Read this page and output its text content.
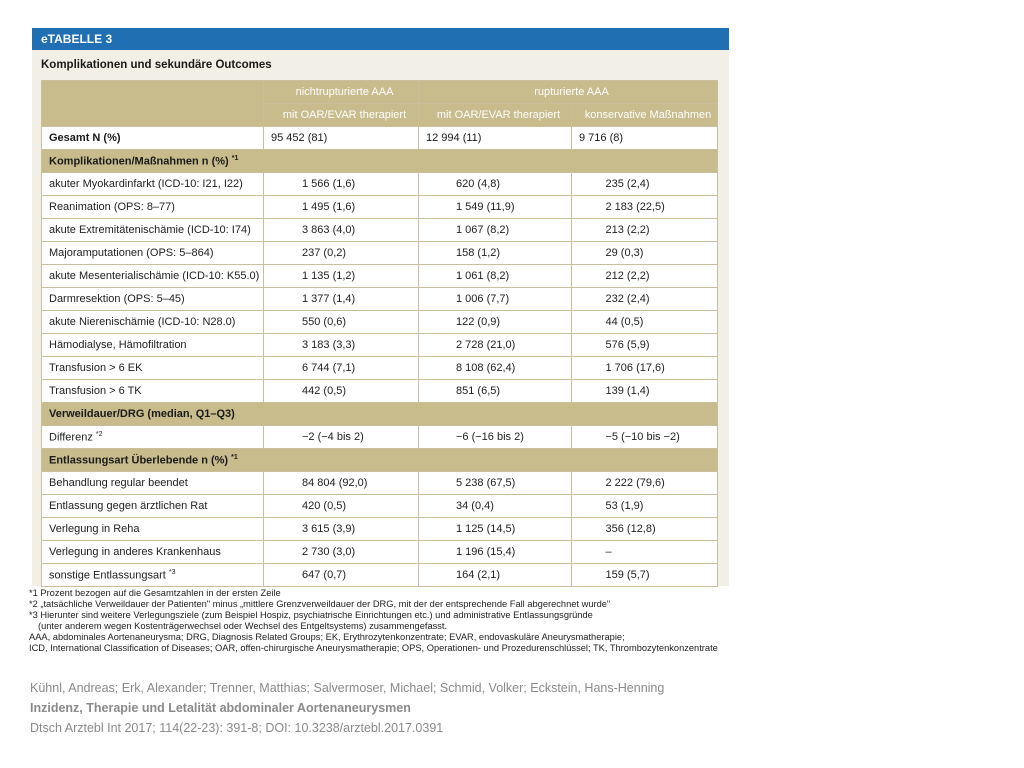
eTABELLE 3
Komplikationen und sekundäre Outcomes
	nichtrupturierte AAA	rupturierte AAA	
	mit OAR/EVAR therapiert	mit OAR/EVAR therapiert	konservative Maßnahmen
Gesamt N (%)	95 452 (81)	12 994 (11)	9 716 (8)
Komplikationen/Maßnahmen n (%) $^{*1}$
akuter Myokardinfarkt (ICD-10: I21, I22)	1 566 (1,6)	620 (4,8)	235 (2,4)
Reanimation (OPS: 8–77)	1 495 (1,6)	1 549 (11,9)	2 183 (22,5)
akute Extremitätenischämie (ICD-10: I74)	3 863 (4,0)	1 067 (8,2)	213 (2,2)
Majoramputationen (OPS: 5–864)	237 (0,2)	158 (1,2)	29 (0,3)
akute Mesenterialischämie (ICD-10: K55.0)	1 135 (1,2)	1 061 (8,2)	212 (2,2)
Darmresektion (OPS: 5–45)	1 377 (1,4)	1 006 (7,7)	232 (2,4)
akute Nierenischämie (ICD-10: N28.0)	550 (0,6)	122 (0,9)	44 (0,5)
Hämodialyse, Hämofiltration	3 183 (3,3)	2 728 (21,0)	576 (5,9)
Transfusion > 6 EK	6 744 (7,1)	8 108 (62,4)	1 706 (17,6)
Transfusion > 6 TK	442 (0,5)	851 (6,5)	139 (1,4)
Verweildauer/DRG (median, Q1–Q3)			
Differenz $^{*2}$	−2 (−4 bis 2)	−6 (−16 bis 2)	−5 (−10 bis −2)
Entlassungsart Überlebende n (%) $^{*1}$
Behandlung regular beendet	84 804 (92,0)	5 238 (67,5)	2 222 (79,6)
Entlassung gegen ärztlichen Rat	420 (0,5)	34 (0,4)	53 (1,9)
Verlegung in Reha	3 615 (3,9)	1 125 (14,5)	356 (12,8)
Verlegung in anderes Krankenhaus	2 730 (3,0)	1 196 (15,4)	–
sonstige Entlassungsart $^{*3}$	647 (0,7)	164 (2,1)	159 (5,7)
*1 Prozent bezogen auf die Gesamtzahlen in der ersten Zeile
*2 „tatsächliche Verweildauer der Patienten" minus „mittlere Grenzverweildauer der DRG, mit der der entsprechende Fall abgerechnet wurde"
*3 Hierunter sind weitere Verlegungsziele (zum Beispiel Hospiz, psychiatrische Einrichtungen etc.) und administrative Entlassungsgründe
(unter anderem wegen Kostenträgerwechsel oder Wechsel des Entgeltsystems) zusammengefasst.
AAA, abdominales Aortenaneurysma; DRG, Diagnosis Related Groups; EK, Erythrozytenkonzentrate; EVAR, endovaskuläre Aneurysmatherapie;
ICD, International Classification of Diseases; OAR, offen-chirurgische Aneurysmatherapie; OPS, Operationen- und Prozedurenschlüssel; TK, Thrombozytenkonzentrate
Kühnl, Andreas; Erk, Alexander; Trenner, Matthias; Salvermoser, Michael; Schmid, Volker; Eckstein, Hans-Henning
Inzidenz, Therapie und Letalität abdominaler Aortenaneurysmen
Dtsch Arztebl Int 2017; 114(22-23): 391-8; DOI: 10.3238/arztebl.2017.0391
